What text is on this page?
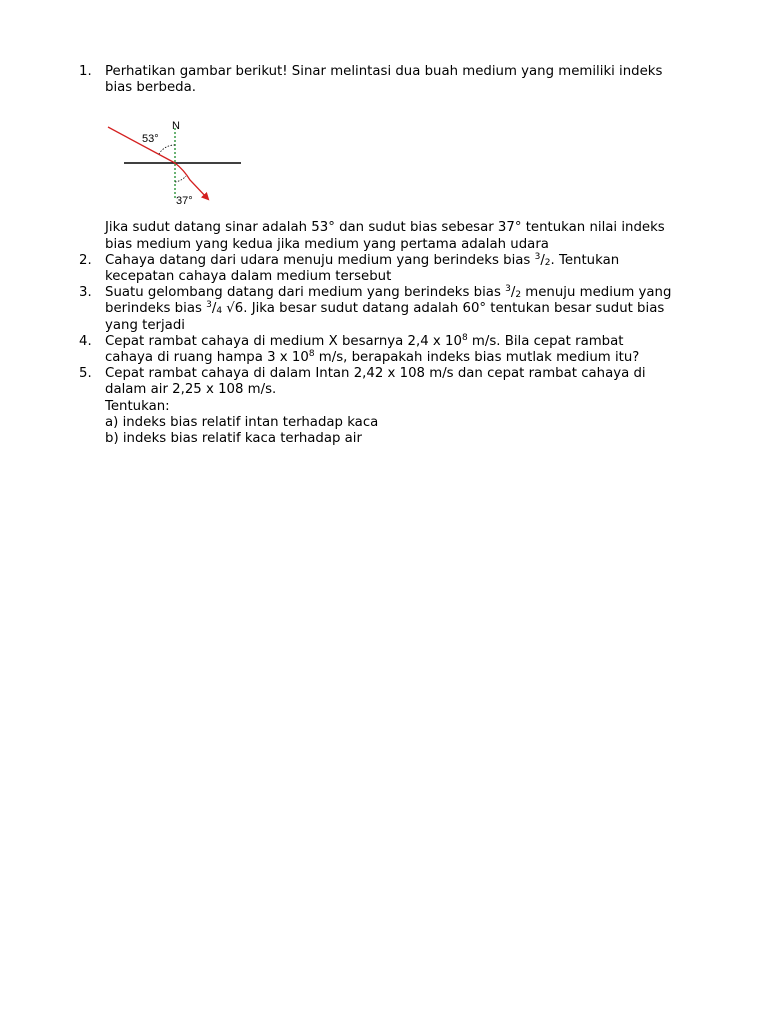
1.	Perhatikan gambar berikut! Sinar melintasi dua buah medium yang memiliki indeks
bias berbeda.
N
53°
37°
Jika sudut datang sinar adalah 53° dan sudut bias sebesar 37° tentukan nilai indeks
bias medium yang kedua jika medium yang pertama adalah udara
2.	Cahaya datang dari udara menuju medium yang berindeks bias $^3/_2$. Tentukan
kecepatan cahaya dalam medium tersebut
3.	Suatu gelombang datang dari medium yang berindeks bias $^3/_2$ menuju medium yang
berindeks bias $^3/_4$ √6. Jika besar sudut datang adalah 60° tentukan besar sudut bias
yang terjadi
4.	Cepat rambat cahaya di medium X besarnya 2,4 x $10^8$ m/s. Bila cepat rambat
cahaya di ruang hampa 3 x $10^8$ m/s, berapakah indeks bias mutlak medium itu?
5.	Cepat rambat cahaya di dalam Intan 2,42 x 108 m/s dan cepat rambat cahaya di
dalam air 2,25 x 108 m/s.
Tentukan:
a) indeks bias relatif intan terhadap kaca
b) indeks bias relatif kaca terhadap air
